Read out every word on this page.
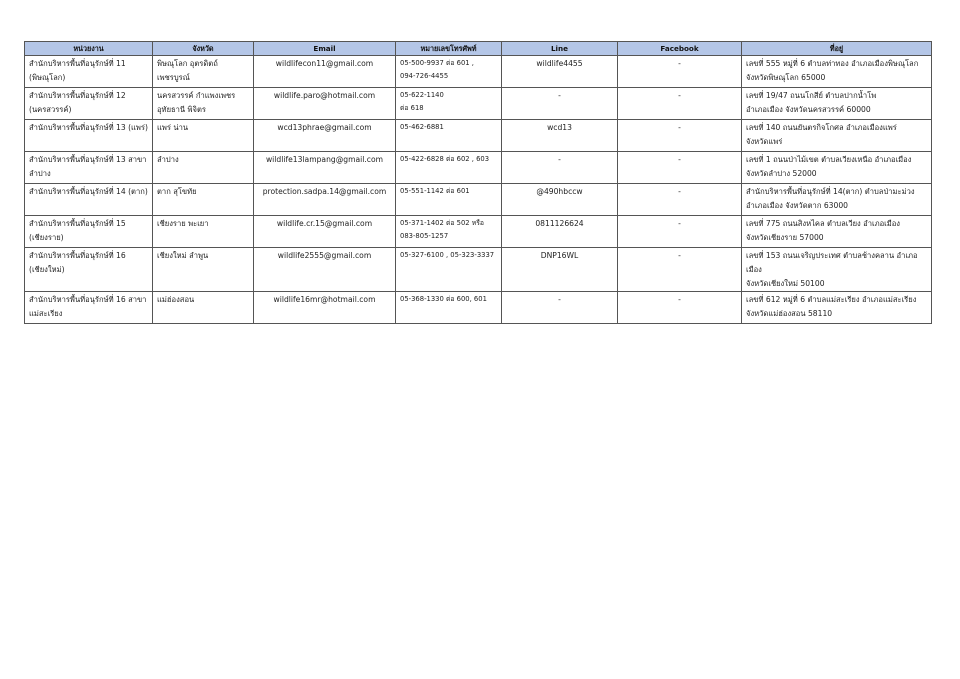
หน่วยงาน	จังหวัด	Email	หมายเลขโทรศัพท์	Line	Facebook	ที่อยู่

สำนักบริหารพื้นที่อนุรักษ์ที่ 11 (พิษณุโลก)	พิษณุโลก อุตรดิตถ์ เพชรบูรณ์	wildlifecon11@gmail.com	05-500-9937 ต่อ 601 ,
094-726-4455	wildlife4455	-	เลขที่ 555 หมู่ที่ 6 ตำบลท่าทอง อำเภอเมืองพิษณุโลก
จังหวัดพิษณุโลก 65000

สำนักบริหารพื้นที่อนุรักษ์ที่ 12 (นครสวรรค์)	นครสวรรค์ กำแพงเพชร อุทัยธานี พิจิตร	wildlife.paro@hotmail.com	05-622-1140
ต่อ 618	-	-	เลขที่ 19/47 ถนนโกสีย์ ตำบลปากน้ำโพ
อำเภอเมือง จังหวัดนครสวรรค์ 60000

สำนักบริหารพื้นที่อนุรักษ์ที่ 13 (แพร่)	แพร่ น่าน	wcd13phrae@gmail.com	05-462-6881	wcd13	-	เลขที่ 140 ถนนยันตรกิจโกศล อำเภอเมืองแพร่
จังหวัดแพร่

สำนักบริหารพื้นที่อนุรักษ์ที่ 13 สาขาลำปาง	ลำปาง	wildlife13lampang@gmail.com	05-422-6828 ต่อ 602 , 603	-	-	เลขที่ 1 ถนนป่าไม้เขต ตำบลเวียงเหนือ อำเภอเมือง
จังหวัดลำปาง 52000

สำนักบริหารพื้นที่อนุรักษ์ที่ 14 (ตาก)	ตาก สุโขทัย	protection.sadpa.14@gmail.com	05-551-1142 ต่อ 601	@490hbccw	-	สำนักบริหารพื้นที่อนุรักษ์ที่ 14(ตาก) ตำบลป่ามะม่วง
อำเภอเมือง จังหวัดตาก 63000

สำนักบริหารพื้นที่อนุรักษ์ที่ 15 (เชียงราย)	เชียงราย พะเยา	wildlife.cr.15@gmail.com	05-371-1402 ต่อ 502 หรือ
083-805-1257	0811126624	-	เลขที่ 775 ถนนสิงหไคล ตำบลเวียง อำเภอเมือง
จังหวัดเชียงราย 57000

สำนักบริหารพื้นที่อนุรักษ์ที่ 16 (เชียงใหม่)	เชียงใหม่ ลำพูน	wildlife2555@gmail.com	05-327-6100 , 05-323-3337	DNP16WL	-	เลขที่ 153 ถนนเจริญประเทศ ตำบลช้างคลาน อำเภอเมือง
จังหวัดเชียงใหม่ 50100

สำนักบริหารพื้นที่อนุรักษ์ที่ 16 สาขาแม่สะเรียง	แม่ฮ่องสอน	wildlife16mr@hotmail.com	05-368-1330 ต่อ 600, 601	-	-	เลขที่ 612 หมู่ที่ 6 ตำบลแม่สะเรียง อำเภอแม่สะเรียง
จังหวัดแม่ฮ่องสอน 58110
